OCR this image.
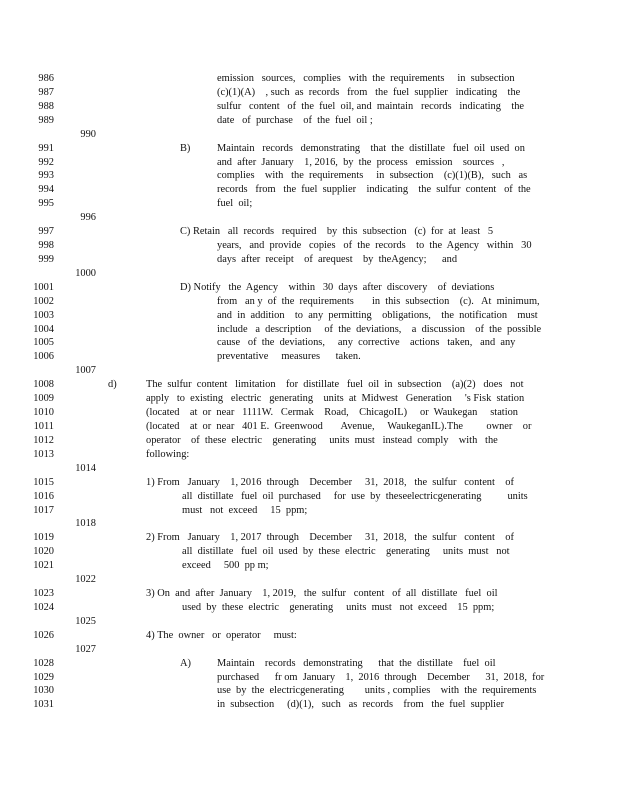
986	emission   sources,   complies   with  the  requirements     in  subsection
987	(c)(1)(A)    , such  as  records   from   the  fuel  supplier   indicating    the
988	sulfur   content   of  the  fuel  oil, and  maintain   records   indicating    the
989	date   of  purchase    of  the  fuel  oil ;
990
991	B)	Maintain   records   demonstrating    that  the  distillate   fuel  oil  used  on
992	and  after  January    1, 2016,  by  the  process   emission    sources   ,
993	complies    with   the  requirements     in  subsection    (c)(1)(B),   such   as
994	records   from   the  fuel  supplier    indicating    the  sulfur  content   of  the
995	fuel  oil;
996
997	C) Retain   all  records   required    by  this  subsection   (c)  for  at  least   5
998	years,   and  provide   copies   of  the  records    to  the  Agency   within   30
999	days  after  receipt    of  arequest    by  theAgency;      and
1000
1001	D) Notify   the  Agency    within   30  days  after  discovery    of  deviations
1002	from   an y  of  the  requirements       in  this  subsection    (c).   At  minimum,
1003	and  in  addition    to  any  permitting    obligations,    the  notification    must
1004	include   a  description     of  the  deviations,    a  discussion    of  the  possible
1005	cause   of  the  deviations,     any  corrective    actions   taken,   and  any
1006	preventative     measures      taken.
1007
1008	d)	The  sulfur  content   limitation    for  distillate   fuel  oil  in  subsection    (a)(2)   does   not
1009	apply   to  existing   electric   generating    units  at  Midwest   Generation     's Fisk  station
1010	(located    at  or  near   1111W.   Cermak    Road,    ChicagoIL)     or  Waukegan     station
1011	(located    at  or  near   401 E.  Greenwood       Avenue,     WaukeganIL).The         owner    or
1012	operator    of  these  electric    generating     units  must   instead  comply    with   the
1013	following:
1014
1015	1) From   January    1, 2016  through    December     31,  2018,   the  sulfur   content    of
1016	all  distillate   fuel  oil  purchased     for  use  by  theseelectricgenerating          units
1017	must   not  exceed     15  ppm;
1018
1019	2) From   January    1, 2017  through    December     31,  2018,   the  sulfur   content    of
1020	all  distillate   fuel  oil  used  by  these  electric    generating     units  must   not
1021	exceed     500  pp m;
1022
1023	3) On  and  after  January    1, 2019,   the  sulfur   content   of  all  distillate   fuel  oil
1024	used  by  these  electric    generating     units  must   not  exceed    15  ppm;
1025
1026	4) The  owner   or  operator     must:
1027
1028	A)	Maintain    records   demonstrating      that  the  distillate    fuel  oil
1029	purchased      fr om  January    1,  2016  through    December      31,  2018,  for
1030	use  by  the  electricgenerating        units , complies    with  the  requirements
1031	in  subsection     (d)(1),   such   as  records    from   the  fuel  supplier
